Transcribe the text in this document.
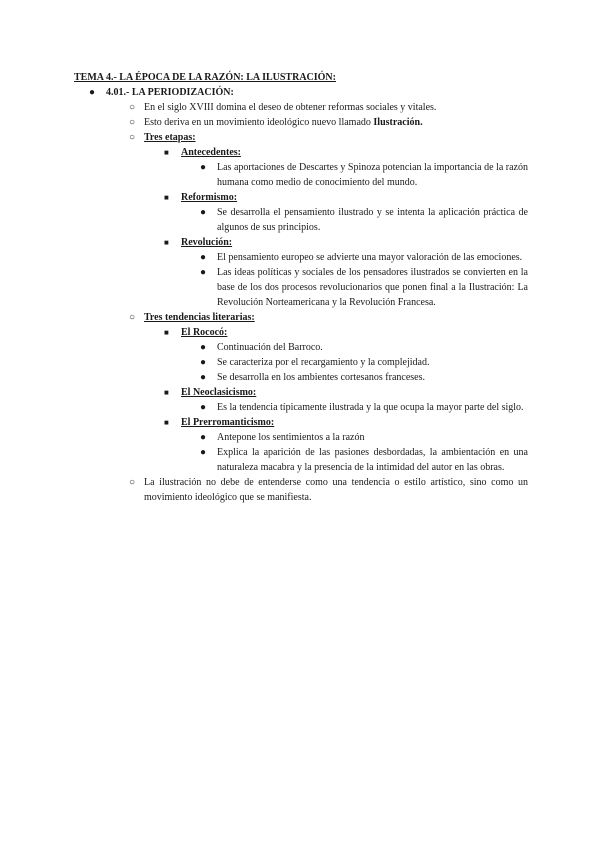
TEMA 4.- LA ÉPOCA DE LA RAZÓN: LA ILUSTRACIÓN:
● 4.01.- LA PERIODIZACIÓN:
○ En el siglo XVIII domina el deseo de obtener reformas sociales y vitales.
○ Esto deriva en un movimiento ideológico nuevo llamado Ilustración.
○ Tres etapas:
■ Antecedentes:
● Las aportaciones de Descartes y Spinoza potencian la importancia de la razón humana como medio de conocimiento del mundo.
■ Reformismo:
● Se desarrolla el pensamiento ilustrado y se intenta la aplicación práctica de algunos de sus principios.
■ Revolución:
● El pensamiento europeo se advierte una mayor valoración de las emociones.
● Las ideas políticas y sociales de los pensadores ilustrados se convierten en la base de los dos procesos revolucionarios que ponen final a la Ilustración: La Revolución Norteamericana y la Revolución Francesa.
○ Tres tendencias literarias:
■ El Rococó:
● Continuación del Barroco.
● Se caracteriza por el recargamiento y la complejidad.
● Se desarrolla en los ambientes cortesanos franceses.
■ El Neoclasicismo:
● Es la tendencia típicamente ilustrada y la que ocupa la mayor parte del siglo.
■ El Prerromanticismo:
● Antepone los sentimientos a la razón
● Explica la aparición de las pasiones desbordadas, la ambientación en una naturaleza macabra y la presencia de la intimidad del autor en las obras.
○ La ilustración no debe de entenderse como una tendencia o estilo artístico, sino como un movimiento ideológico que se manifiesta.
